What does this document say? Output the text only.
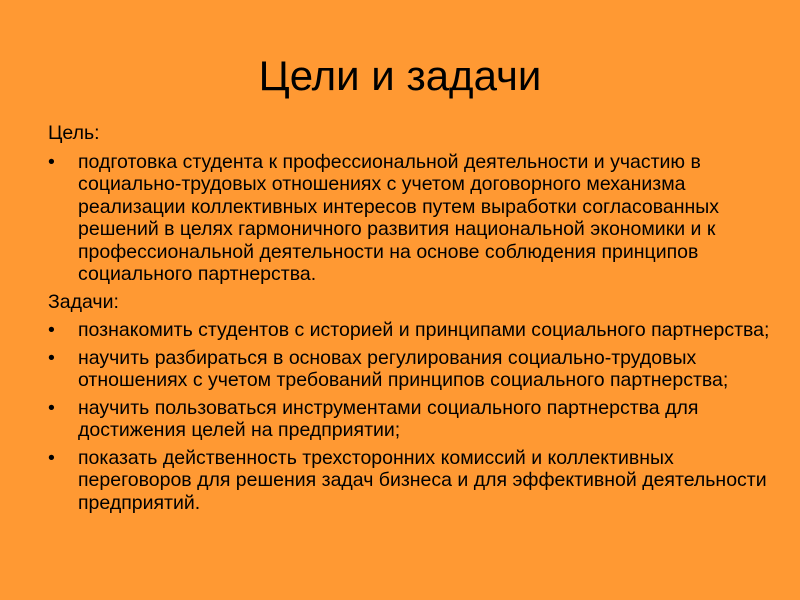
Цели и задачи
Цель:
• подготовка студента к профессиональной деятельности и участию в социально-трудовых отношениях с учетом договорного механизма реализации коллективных интересов путем выработки согласованных решений в целях гармоничного развития национальной экономики и к профессиональной деятельности на основе соблюдения принципов социального партнерства.
Задачи:
• познакомить студентов с историей и принципами социального партнерства;
• научить разбираться в основах регулирования социально-трудовых отношениях с учетом требований принципов социального партнерства;
• научить пользоваться инструментами социального партнерства для достижения целей на предприятии;
• показать действенность трехсторонних комиссий и коллективных переговоров для решения задач бизнеса и для эффективной деятельности предприятий.
